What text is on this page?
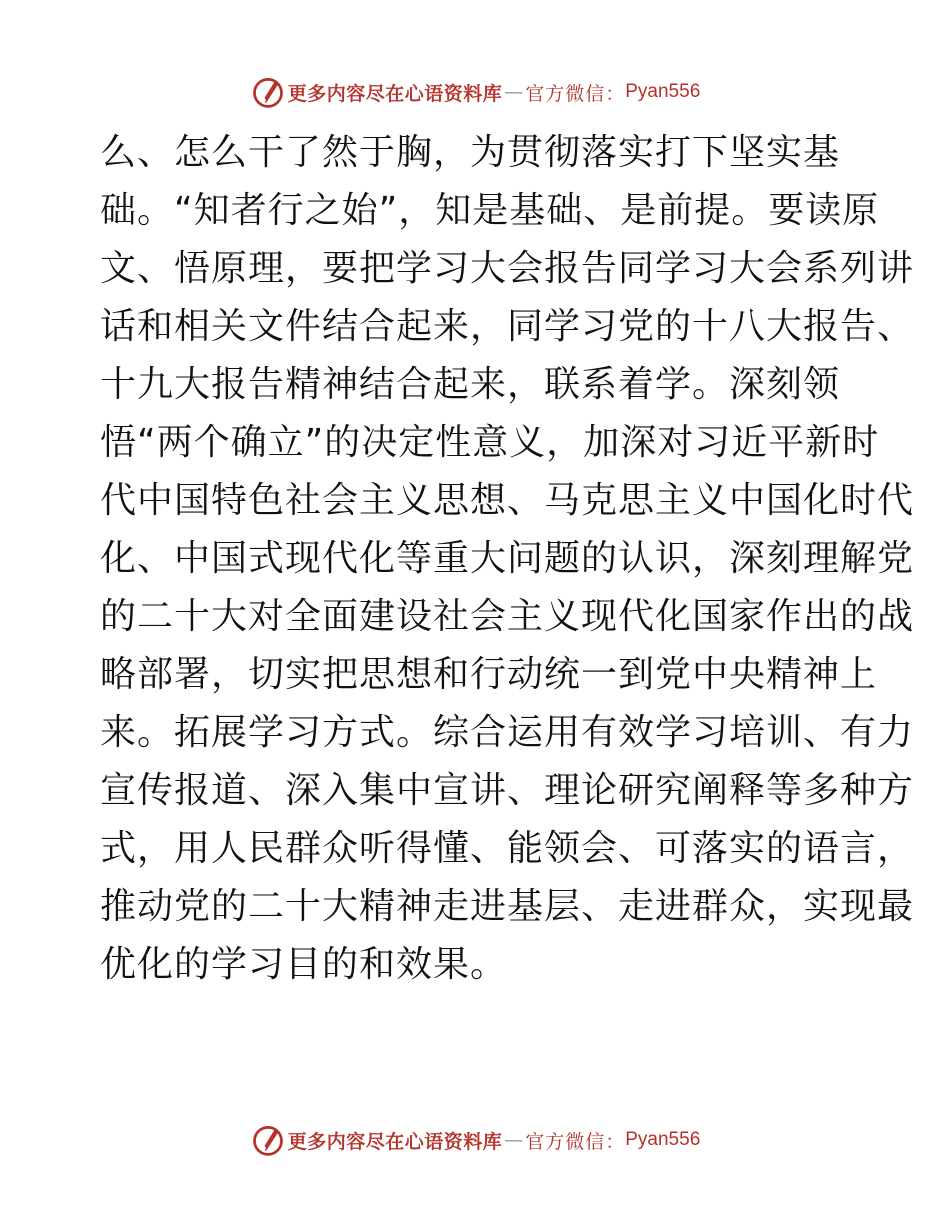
更多内容尽在心语资料库 — 官方微信： Pyan556
么、怎么干了然于胸，为贯彻落实打下坚实基
础。“知者行之始”，知是基础、是前提。要读原
文、悟原理，要把学习大会报告同学习大会系列讲
话和相关文件结合起来，同学习党的十八大报告、
十九大报告精神结合起来，联系着学。深刻领
悟“两个确立”的决定性意义，加深对习近平新时
代中国特色社会主义思想、马克思主义中国化时代
化、中国式现代化等重大问题的认识，深刻理解党
的二十大对全面建设社会主义现代化国家作出的战
略部署，切实把思想和行动统一到党中央精神上
来。拓展学习方式。综合运用有效学习培训、有力
宣传报道、深入集中宣讲、理论研究阐释等多种方
式，用人民群众听得懂、能领会、可落实的语言，
推动党的二十大精神走进基层、走进群众，实现最
优化的学习目的和效果。
更多内容尽在心语资料库 — 官方微信： Pyan556
